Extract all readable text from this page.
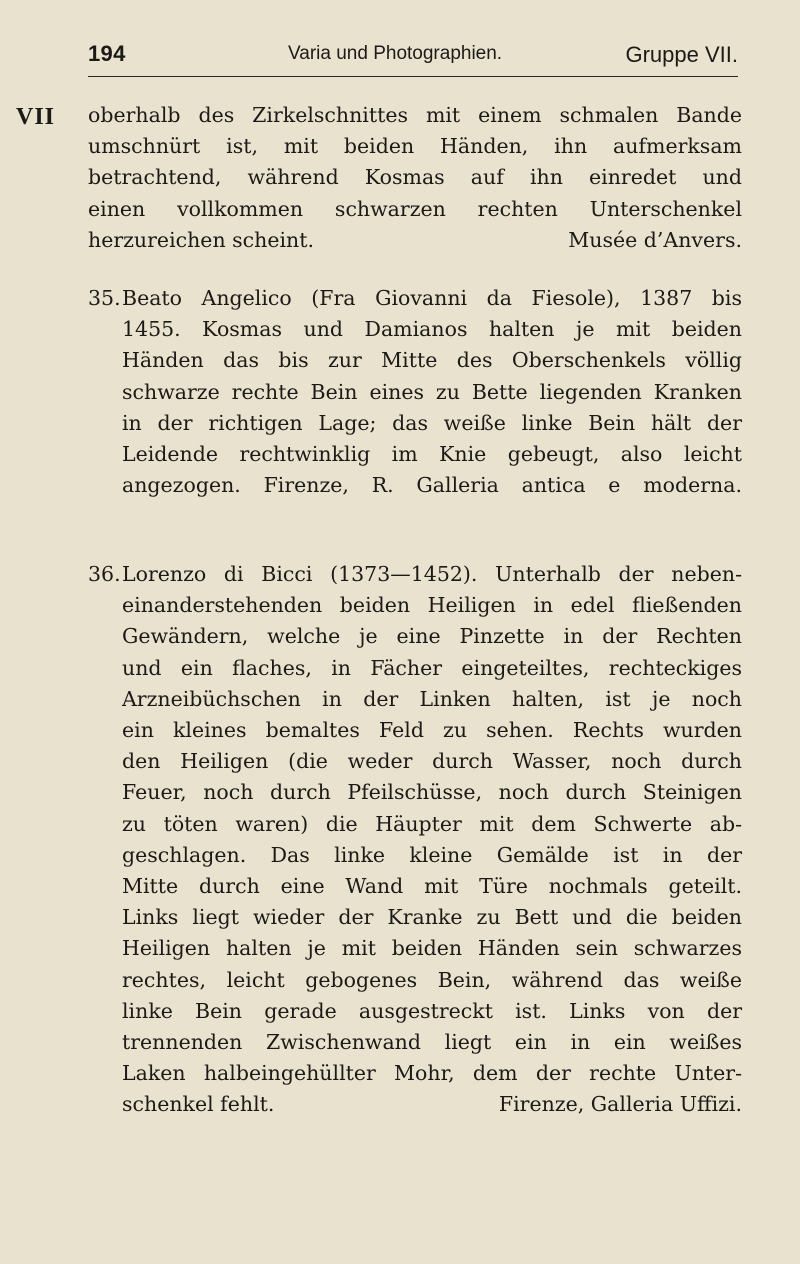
194	Varia und Photographien.	Gruppe VII.
VII oberhalb des Zirkelschnittes mit einem schmalen Bande
umschnürt ist, mit beiden Händen, ihn aufmerksam
betrachtend, während Kosmas auf ihn einredet und
einen vollkommen schwarzen rechten Unterschenkel
herzureichen scheint.	Musée d’Anvers.
35. Beato Angelico (Fra Giovanni da Fiesole), 1387 bis
1455. Kosmas und Damianos halten je mit beiden
Händen das bis zur Mitte des Oberschenkels völlig
schwarze rechte Bein eines zu Bette liegenden Kranken
in der richtigen Lage; das weiße linke Bein hält der
Leidende rechtwinklig im Knie gebeugt, also leicht
angezogen. Firenze, R. Galleria antica e moderna.
36. Lorenzo di Bicci (1373—1452). Unterhalb der neben-
einanderstehenden beiden Heiligen in edel fließenden
Gewändern, welche je eine Pinzette in der Rechten
und ein flaches, in Fächer eingeteiltes, rechteckiges
Arzneibüchschen in der Linken halten, ist je noch
ein kleines bemaltes Feld zu sehen. Rechts wurden
den Heiligen (die weder durch Wasser, noch durch
Feuer, noch durch Pfeilschüsse, noch durch Steinigen
zu töten waren) die Häupter mit dem Schwerte ab-
geschlagen. Das linke kleine Gemälde ist in der
Mitte durch eine Wand mit Türe nochmals geteilt.
Links liegt wieder der Kranke zu Bett und die beiden
Heiligen halten je mit beiden Händen sein schwarzes
rechtes, leicht gebogenes Bein, während das weiße
linke Bein gerade ausgestreckt ist. Links von der
trennenden Zwischenwand liegt ein in ein weißes
Laken halbeingehüllter Mohr, dem der rechte Unter-
schenkel fehlt.	Firenze, Galleria Uffizi.
